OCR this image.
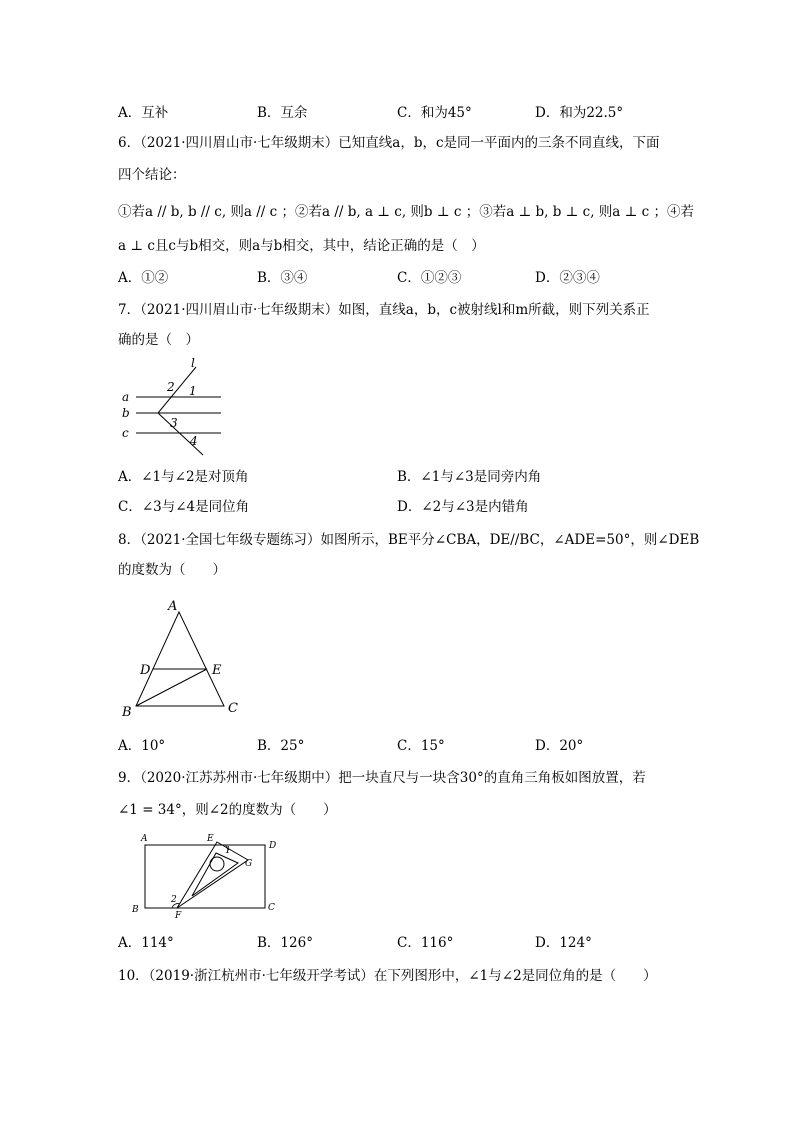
A．互补	B．互余	C．和为45°	D．和为22.5°
6．（2021·四川眉山市·七年级期末）已知直线a，b，c是同一平面内的三条不同直线，下面
四个结论：
①若a // b, b // c, 则a // c ；②若a // b, a ⊥ c, 则b ⊥ c ；③若a ⊥ b, b ⊥ c, 则a ⊥ c ；④若
a ⊥ c且c与b相交，则a与b相交，其中，结论正确的是（　）
A．①②	B．③④	C．①②③	D．②③④
7．（2021·四川眉山市·七年级期末）如图，直线a，b，c被射线l和m所截，则下列关系正
确的是（　）
l
a
b
c
2 1
3
4
A．∠1与∠2是对顶角	B．∠1与∠3是同旁内角
C．∠3与∠4是同位角	D．∠2与∠3是内错角
8．（2021·全国七年级专题练习）如图所示，BE平分∠CBA，DE//BC，∠ADE=50°，则∠DEB
的度数为（　　）
A
D	E
B	C
A．10°	B．25°	C．15°	D．20°
9．（2020·江苏苏州市·七年级期中）把一块直尺与一块含30°的直角三角板如图放置，若
∠1 = 34°，则∠2的度数为（　　）
A	E
1	D
G
2
B
F
C
A．114°	B．126°	C．116°	D．124°
10．（2019·浙江杭州市·七年级开学考试）在下列图形中，∠1与∠2是同位角的是（　　）
